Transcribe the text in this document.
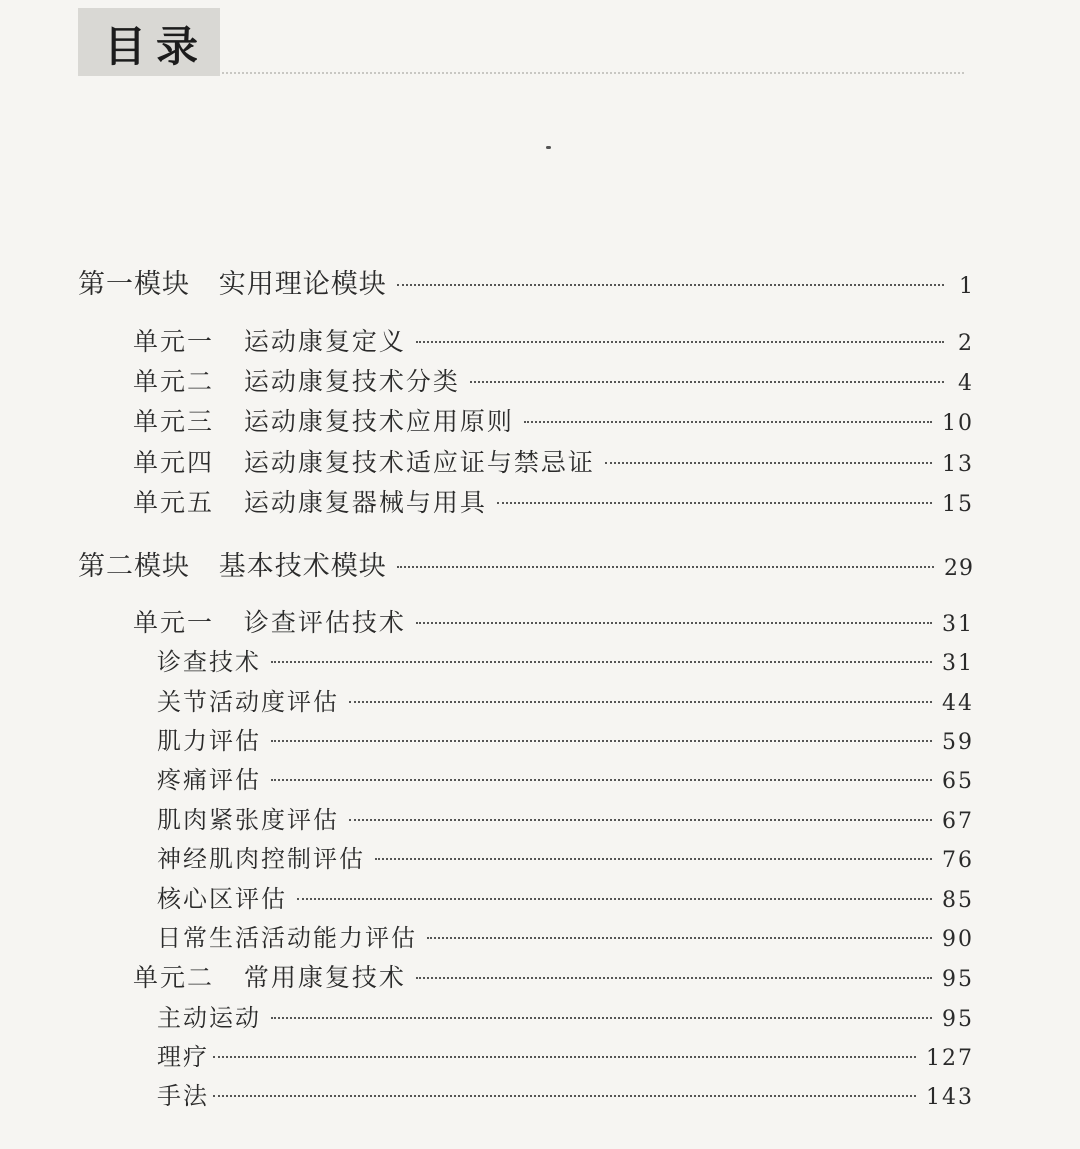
目录
第一模块   实用理论模块	1
单元一   运动康复定义	2
单元二   运动康复技术分类	4
单元三   运动康复技术应用原则	10
单元四   运动康复技术适应证与禁忌证	13
单元五   运动康复器械与用具	15
第二模块   基本技术模块	29
单元一   诊查评估技术	31
诊查技术	31
关节活动度评估	44
肌力评估	59
疼痛评估	65
肌肉紧张度评估	67
神经肌肉控制评估	76
核心区评估	85
日常生活活动能力评估	90
单元二   常用康复技术	95
主动运动	95
理疗	127
手法	143
